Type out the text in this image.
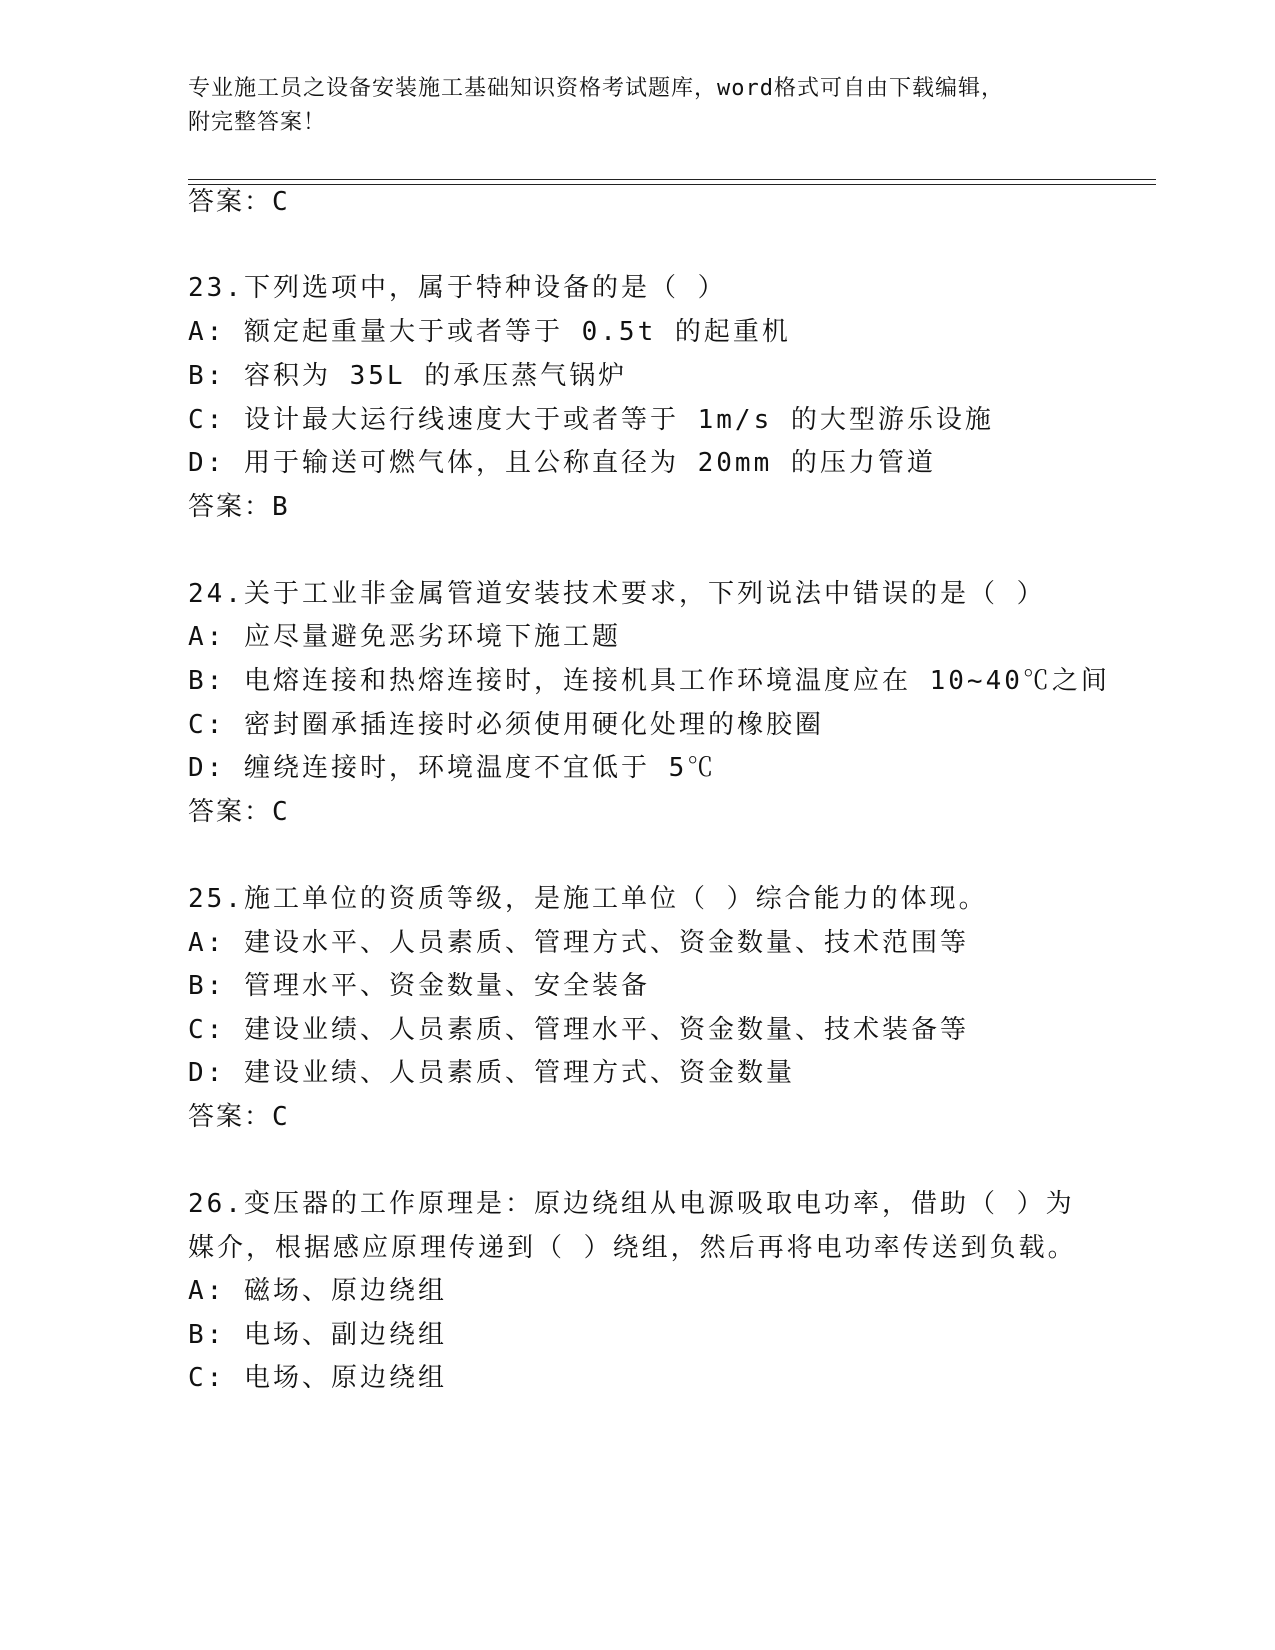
专业施工员之设备安装施工基础知识资格考试题库，word格式可自由下载编辑，
附完整答案！
答案：C
23.下列选项中，属于特种设备的是（ ）
A: 额定起重量大于或者等于 0.5t 的起重机
B: 容积为 35L 的承压蒸气锅炉
C: 设计最大运行线速度大于或者等于 1m/s 的大型游乐设施
D: 用于输送可燃气体，且公称直径为 20mm 的压力管道
答案：B
24.关于工业非金属管道安装技术要求，下列说法中错误的是（ ）
A: 应尽量避免恶劣环境下施工题
B: 电熔连接和热熔连接时，连接机具工作环境温度应在 10~40℃之间
C: 密封圈承插连接时必须使用硬化处理的橡胶圈
D: 缠绕连接时，环境温度不宜低于 5℃
答案：C
25.施工单位的资质等级，是施工单位（ ）综合能力的体现。
A: 建设水平、人员素质、管理方式、资金数量、技术范围等
B: 管理水平、资金数量、安全装备
C: 建设业绩、人员素质、管理水平、资金数量、技术装备等
D: 建设业绩、人员素质、管理方式、资金数量
答案：C
26.变压器的工作原理是：原边绕组从电源吸取电功率，借助（ ）为
媒介，根据感应原理传递到（ ）绕组，然后再将电功率传送到负载。
A: 磁场、原边绕组
B: 电场、副边绕组
C: 电场、原边绕组
